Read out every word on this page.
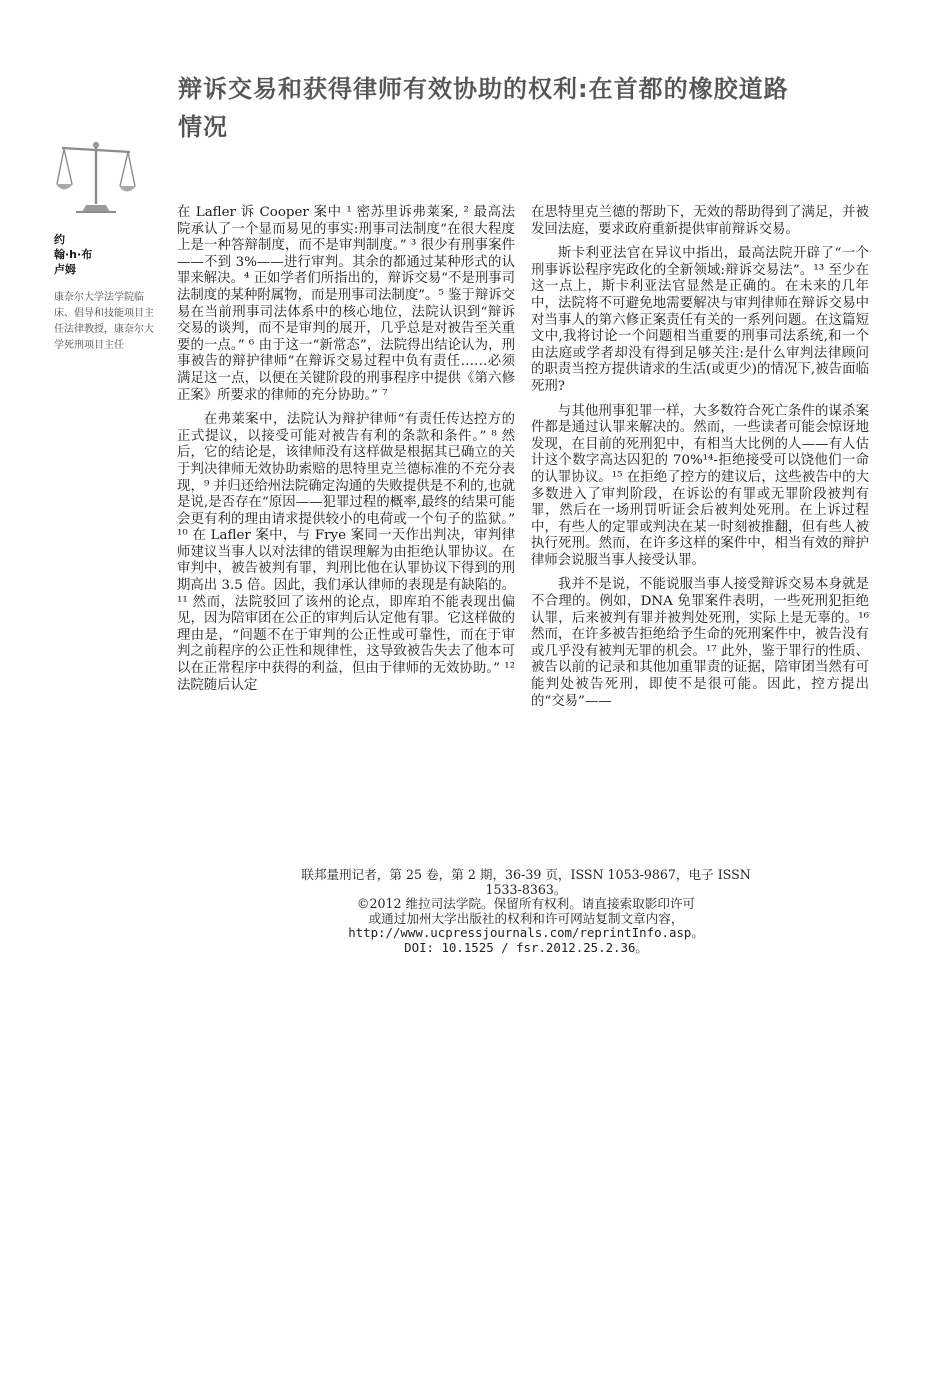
辩诉交易和获得律师有效协助的权利:在首都的橡胶道路
情况
约
翰·h·布
卢姆
康奈尔大学法学院临床、倡导和技能项目主任法律教授，康奈尔大学死刑项目主任

在 Lafler 诉 Cooper 案中 ¹ 密苏里诉弗莱案, ² 最高法院承认了一个显而易见的事实:刑事司法制度“在很大程度上是一种答辩制度，而不是审判制度。” ³ 很少有刑事案件——不到 3%——进行审判。其余的都通过某种形式的认罪来解决。⁴ 正如学者们所指出的，辩诉交易“不是刑事司法制度的某种附属物，而是刑事司法制度”。⁵ 鉴于辩诉交易在当前刑事司法体系中的核心地位，法院认识到“辩诉交易的谈判，而不是审判的展开，几乎总是对被告至关重要的一点。” ⁶ 由于这一“新常态”，法院得出结论认为，刑事被告的辩护律师“在辩诉交易过程中负有责任……必须满足这一点，以便在关键阶段的刑事程序中提供《第六修正案》所要求的律师的充分协助。” ⁷

在弗莱案中，法院认为辩护律师“有责任传达控方的正式提议，以接受可能对被告有利的条款和条件。” ⁸ 然后，它的结论是，该律师没有这样做是根据其已确立的关于判决律师无效协助索赔的思特里克兰德标准的不充分表现，⁹ 并归还给州法院确定沟通的失败提供是不利的,也就是说,是否存在“原因——犯罪过程的概率,最终的结果可能会更有利的理由请求提供较小的电荷或一个句子的监狱。” ¹⁰ 在 Lafler 案中，与 Frye 案同一天作出判决，审判律师建议当事人以对法律的错误理解为由拒绝认罪协议。在审判中，被告被判有罪，判刑比他在认罪协议下得到的刑期高出 3.5 倍。因此，我们承认律师的表现是有缺陷的。¹¹ 然而，法院驳回了该州的论点，即库珀不能表现出偏见，因为陪审团在公正的审判后认定他有罪。它这样做的理由是，“问题不在于审判的公正性或可靠性，而在于审判之前程序的公正性和规律性，这导致被告失去了他本可以在正常程序中获得的利益，但由于律师的无效协助。” ¹² 法院随后认定

在思特里克兰德的帮助下，无效的帮助得到了满足，并被发回法庭，要求政府重新提供审前辩诉交易。

斯卡利亚法官在异议中指出，最高法院开辟了“一个刑事诉讼程序宪政化的全新领域:辩诉交易法”。¹³ 至少在这一点上，斯卡利亚法官显然是正确的。在未来的几年中，法院将不可避免地需要解决与审判律师在辩诉交易中对当事人的第六修正案责任有关的一系列问题。在这篇短文中,我将讨论一个问题相当重要的刑事司法系统,和一个由法庭或学者却没有得到足够关注:是什么审判法律顾问的职责当控方提供请求的生活(或更少)的情况下,被告面临死刑?

与其他刑事犯罪一样，大多数符合死亡条件的谋杀案件都是通过认罪来解决的。然而，一些读者可能会惊讶地发现，在目前的死刑犯中，有相当大比例的人——有人估计这个数字高达囚犯的 70%¹⁴-拒绝接受可以饶他们一命的认罪协议。¹⁵ 在拒绝了控方的建议后，这些被告中的大多数进入了审判阶段，在诉讼的有罪或无罪阶段被判有罪，然后在一场刑罚听证会后被判处死刑。在上诉过程中，有些人的定罪或判决在某一时刻被推翻，但有些人被执行死刑。然而，在许多这样的案件中，相当有效的辩护律师会说服当事人接受认罪。

我并不是说，不能说服当事人接受辩诉交易本身就是不合理的。例如，DNA 免罪案件表明，一些死刑犯拒绝认罪，后来被判有罪并被判处死刑，实际上是无辜的。¹⁶ 然而，在许多被告拒绝给予生命的死刑案件中，被告没有或几乎没有被判无罪的机会。¹⁷ 此外，鉴于罪行的性质、被告以前的记录和其他加重罪责的证据，陪审团当然有可能判处被告死刑，即使不是很可能。因此，控方提出的“交易”——

联邦量刑记者，第 25 卷，第 2 期，36-39 页，ISSN 1053-9867，电子 ISSN
1533-8363。
©2012 维拉司法学院。保留所有权利。请直接索取影印许可
或通过加州大学出版社的权利和许可网站复制文章内容，
http://www.ucpressjournals.com/reprintInfo.asp。
DOI: 10.1525 / fsr.2012.25.2.36。
